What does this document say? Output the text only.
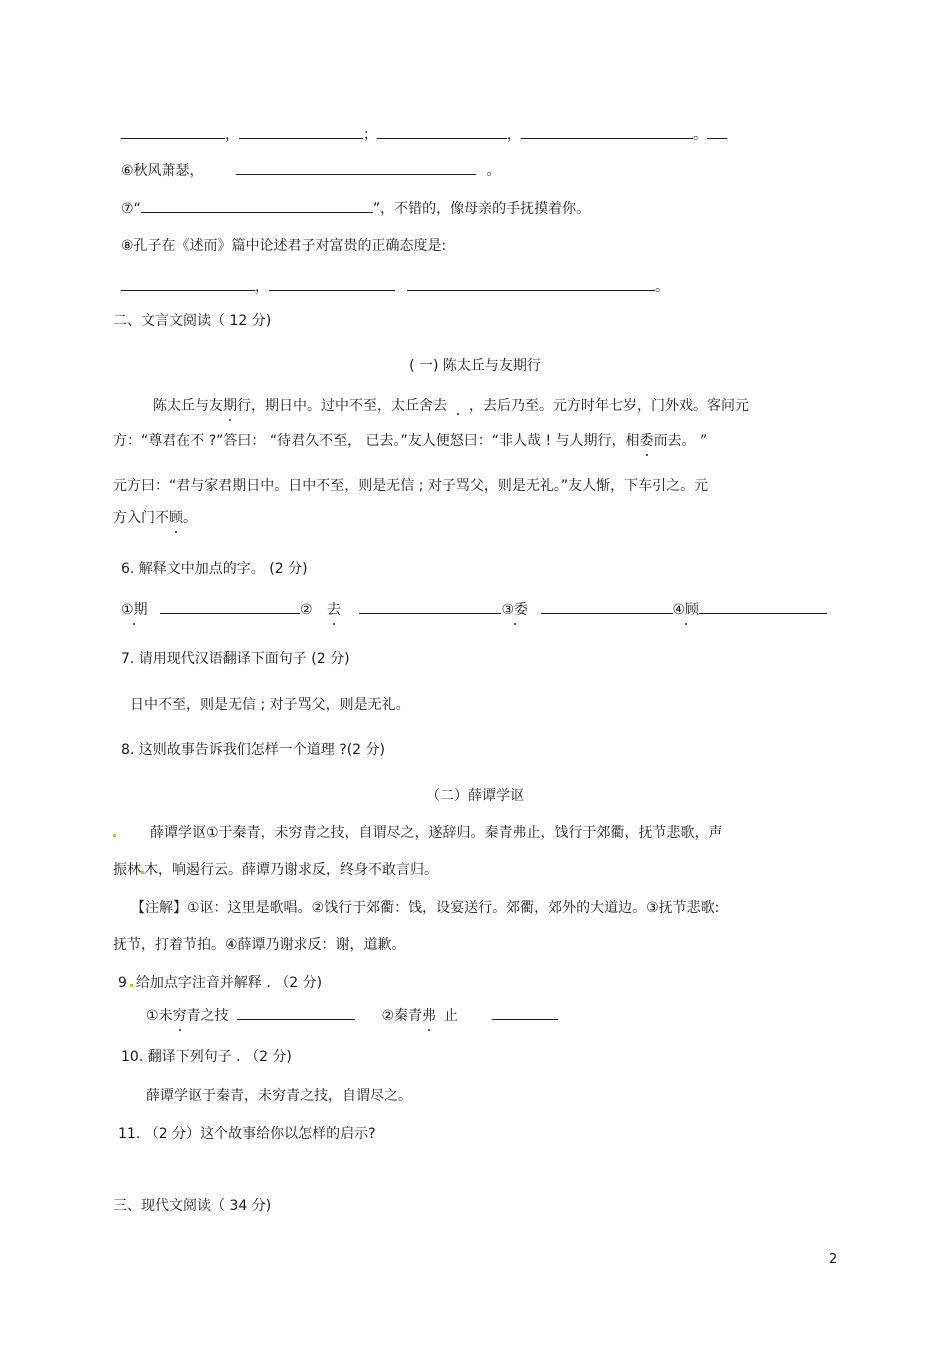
，	；	，	。
⑥秋风萧瑟，	。
⑦“	”，不错的，像母亲的手抚摸着你。
⑧孔子在《述而》篇中论述君子对富贵的正确态度是:
，	。
二、文言文阅读（ 12 分)
( 一) 陈太丘与友期行
陈太丘与友期行，期日中。过中不至，太丘舍去 ，去后乃至。元方时年七岁，门外戏。客问元
方：“尊君在不 ?”答曰： “待君久不至， 已去。”友人便怒曰：“非人哉 ! 与人期行，相委而去。 ”
元方曰：“君与家君期日中。日中不至，则是无信 ; 对子骂父，则是无礼。”友人惭，下车引之。元
方入门不顾。
6. 解释文中加点的字。 (2 分)
①期	② 去	③委	④顾
7. 请用现代汉语翻译下面句子 (2 分)
日中不至，则是无信 ; 对子骂父，则是无礼。
8. 这则故事告诉我们怎样一个道理 ?(2 分)
（二）薛谭学讴
薛谭学讴①于秦青，未穷青之技，自谓尽之，遂辞归。秦青弗止，饯行于郊衢，抚节悲歌，声
振林 木，响遏行云。薛谭乃谢求反，终身不敢言归。
【注解】①讴：这里是歌唱。②饯行于郊衢：饯，设宴送行。郊衢，郊外的大道边。③抚节悲歌:
抚节，打着节拍。④薛谭乃谢求反：谢，道歉。
9 给加点字注音并解释 . （2 分)
①未穷青之技	②秦青弗 止
10. 翻译下列句子 . （2 分)
薛谭学讴于秦青，未穷青之技，自谓尽之。
11. （2 分）这个故事给你以怎样的启示?
三、现代文阅读（ 34 分)
2
